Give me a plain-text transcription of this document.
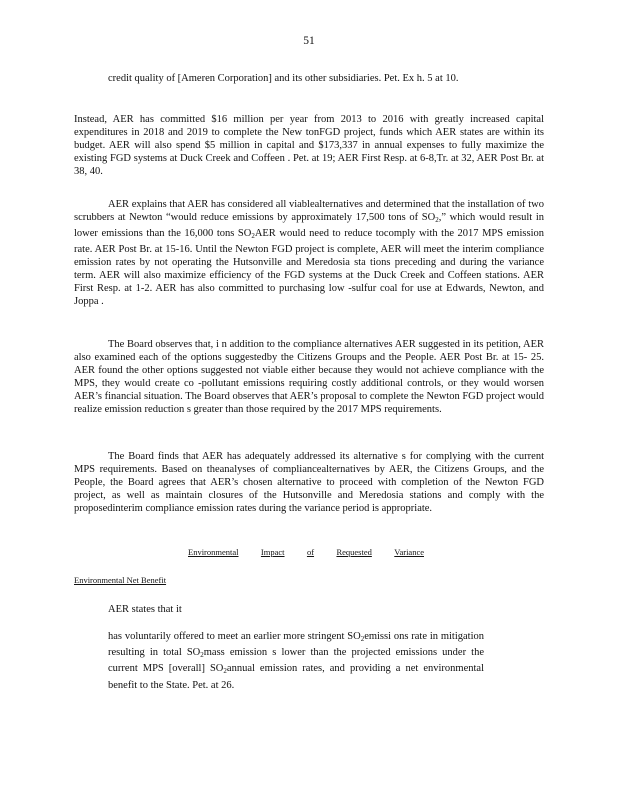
51
credit quality of [Ameren Corporation] and its other subsidiaries. Pet. Ex h. 5 at 10.

Instead, AER has committed $16 million per year from 2013 to 2016 with greatly increased capital expenditures in 2018 and 2019 to complete the New tonFGD project, funds which AER states are within its budget. AER will also spend $5 million in capital and $173,337 in annual expenses to fully maximize the existing FGD systems at Duck Creek and Coffeen . Pet. at 19; AER First Resp. at 6-8,Tr. at 32, AER Post Br. at 38, 40.

AER explains that AER has considered all viablealternatives and determined that the installation of two scrubbers at Newton “would reduce emissions by approximately 17,500 tons of $SO_2$,” which would result in lower emissions than the 16,000 tons $SO_2AER$ would need to reduce tocomply with the 2017 MPS emission rate. AER Post Br. at 15-16. Until the Newton FGD project is complete, AER will meet the interim compliance emission rates by not operating the Hutsonville and Meredosia sta tions preceding and during the variance term. AER will also maximize efficiency of the FGD systems at the Duck Creek and Coffeen stations. AER First Resp. at 1-2. AER has also committed to purchasing low -sulfur coal for use at Edwards, Newton, and Joppa .

The Board observes that, i n addition to the compliance alternatives AER suggested in its petition, AER also examined each of the options suggestedby the Citizens Groups and the People. AER Post Br. at 15- 25. AER found the other options suggested not viable either because they would not achieve compliance with the MPS, they would create co -pollutant emissions requiring costly additional controls, or they would worsen AER’s financial situation. The Board observes that AER’s proposal to complete the Newton FGD project would realize emission reduction s greater than those required by the 2017 MPS requirements.

The Board finds that AER has adequately addressed its alternative s for complying with the current MPS requirements. Based on theanalyses of compliancealternatives by AER, the Citizens Groups, and the People, the Board agrees that AER’s chosen alternative to proceed with completion of the Newton FGD project, as well as maintain closures of the Hutsonville and Meredosia stations and comply with the proposedinterim compliance emission rates during the variance period is appropriate.

Environmental	Impact	of	Requested	Variance
Environmental Net Benefit
AER states that it
has voluntarily offered to meet an earlier more stringent $SO_2emissi$ ons rate in mitigation resulting in total $SO_2mass$ emission s lower than the projected emissions under the current MPS [overall] $SO_2annual$ emission rates, and providing a net environmental benefit to the State. Pet. at 26.
